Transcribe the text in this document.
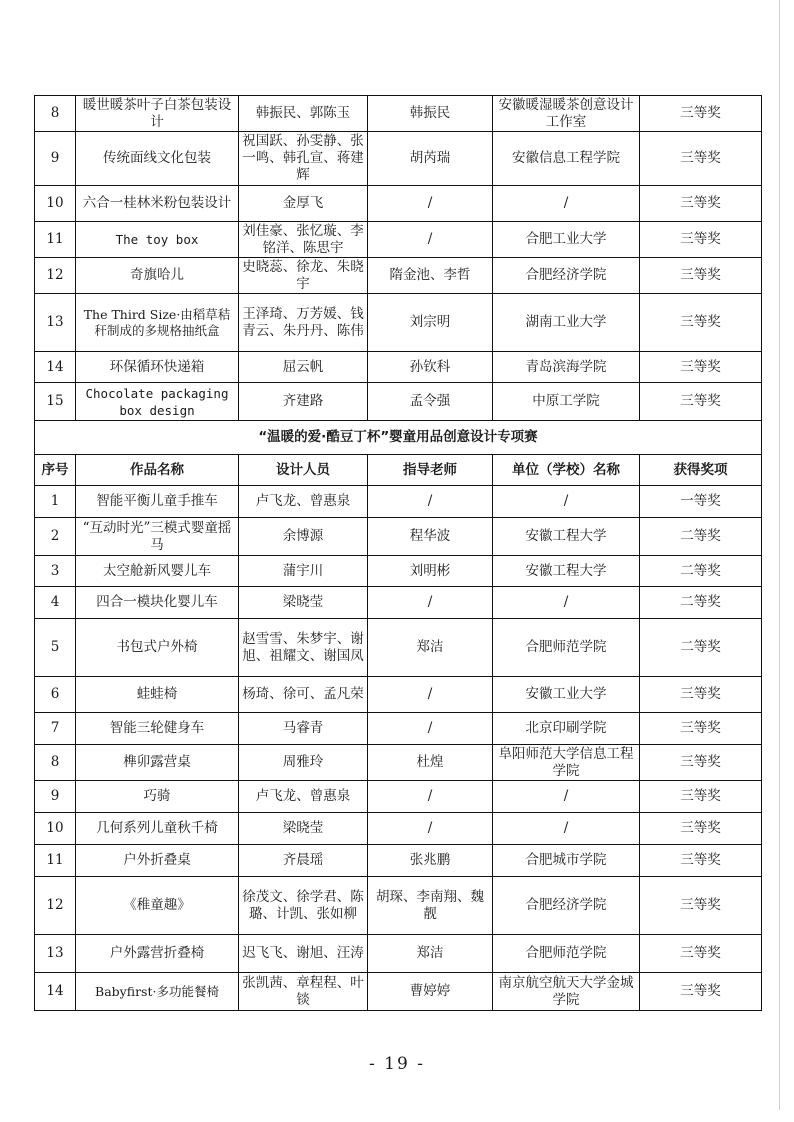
8	暖世暖茶叶子白茶包装设计	韩振民、郭陈玉	韩振民	安徽暖湿暖茶创意设计工作室	三等奖
9	传统面线文化包装	祝国跃、孙雯静、张一鸣、韩孔宣、蒋建辉	胡芮瑞	安徽信息工程学院	三等奖
10	六合一桂林米粉包装设计	金厚飞	/	/	三等奖
11	The toy box	刘佳豪、张忆璇、李铭洋、陈思宇	/	合肥工业大学	三等奖
12	奇旗哈儿	史晓蕊、徐龙、朱晓宇	隋金池、李哲	合肥经济学院	三等奖
13	The Third Size·由稻草秸秆制成的多规格抽纸盒	王泽琦、万芳媛、钱青云、朱丹丹、陈伟	刘宗明	湖南工业大学	三等奖
14	环保循环快递箱	屈云帆	孙钦科	青岛滨海学院	三等奖
15	Chocolate packaging box design	齐建路	孟令强	中原工学院	三等奖
“温暖的爱·酷豆丁杯”婴童用品创意设计专项赛					
序号	作品名称	设计人员	指导老师	单位（学校）名称	获得奖项
1	智能平衡儿童手推车	卢飞龙、曾惠泉	/	/	一等奖
2	“互动时光”三模式婴童摇马	余博源	程华波	安徽工程大学	二等奖
3	太空舱新风婴儿车	蒲宇川	刘明彬	安徽工程大学	二等奖
4	四合一模块化婴儿车	梁晓莹	/	/	二等奖
5	书包式户外椅	赵雪雪、朱梦宇、谢旭、祖耀文、谢国凤	郑洁	合肥师范学院	二等奖
6	蛙蛙椅	杨琦、徐可、孟凡荣	/	安徽工业大学	三等奖
7	智能三轮健身车	马睿青	/	北京印刷学院	三等奖
8	榫卯露营桌	周雅玲	杜煌	阜阳师范大学信息工程学院	三等奖
9	巧骑	卢飞龙、曾惠泉	/	/	三等奖
10	几何系列儿童秋千椅	梁晓莹	/	/	三等奖
11	户外折叠桌	齐晨瑶	张兆鹏	合肥城市学院	三等奖
12	《稚童趣》	徐茂文、徐学君、陈璐、计凯、张如柳	胡琛、李南翔、魏靓	合肥经济学院	三等奖
13	户外露营折叠椅	迟飞飞、谢旭、汪涛	郑洁	合肥师范学院	三等奖
14	Babyfirst·多功能餐椅	张凯茜、章程程、叶锬	曹婷婷	南京航空航天大学金城学院	三等奖
- 19 -
